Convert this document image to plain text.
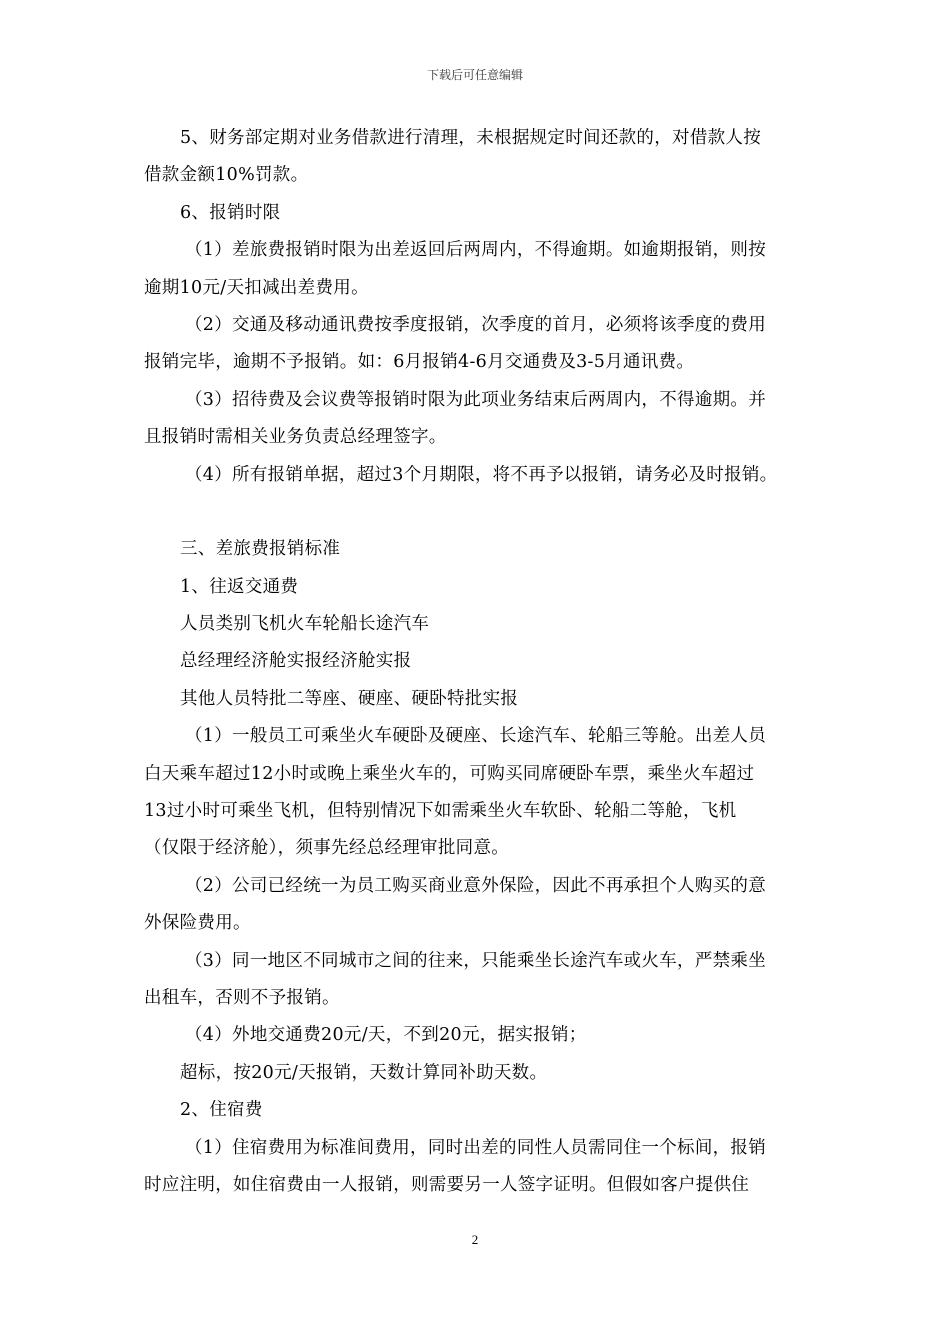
下载后可任意编辑
5、财务部定期对业务借款进行清理，未根据规定时间还款的，对借款人按
借款金额10%罚款。
6、报销时限
（1）差旅费报销时限为出差返回后两周内，不得逾期。如逾期报销，则按
逾期10元/天扣减出差费用。
（2）交通及移动通讯费按季度报销，次季度的首月，必须将该季度的费用
报销完毕，逾期不予报销。如：6月报销4-6月交通费及3-5月通讯费。
（3）招待费及会议费等报销时限为此项业务结束后两周内，不得逾期。并
且报销时需相关业务负责总经理签字。
（4）所有报销单据，超过3个月期限，将不再予以报销，请务必及时报销。
三、差旅费报销标准
1、往返交通费
人员类别飞机火车轮船长途汽车
总经理经济舱实报经济舱实报
其他人员特批二等座、硬座、硬卧特批实报
（1）一般员工可乘坐火车硬卧及硬座、长途汽车、轮船三等舱。出差人员
白天乘车超过12小时或晚上乘坐火车的，可购买同席硬卧车票，乘坐火车超过
13过小时可乘坐飞机，但特别情况下如需乘坐火车软卧、轮船二等舱，飞机
（仅限于经济舱），须事先经总经理审批同意。
（2）公司已经统一为员工购买商业意外保险，因此不再承担个人购买的意
外保险费用。
（3）同一地区不同城市之间的往来，只能乘坐长途汽车或火车，严禁乘坐
出租车，否则不予报销。
（4）外地交通费20元/天，不到20元，据实报销；
超标，按20元/天报销，天数计算同补助天数。
2、住宿费
（1）住宿费用为标准间费用，同时出差的同性人员需同住一个标间，报销
时应注明，如住宿费由一人报销，则需要另一人签字证明。但假如客户提供住
2
